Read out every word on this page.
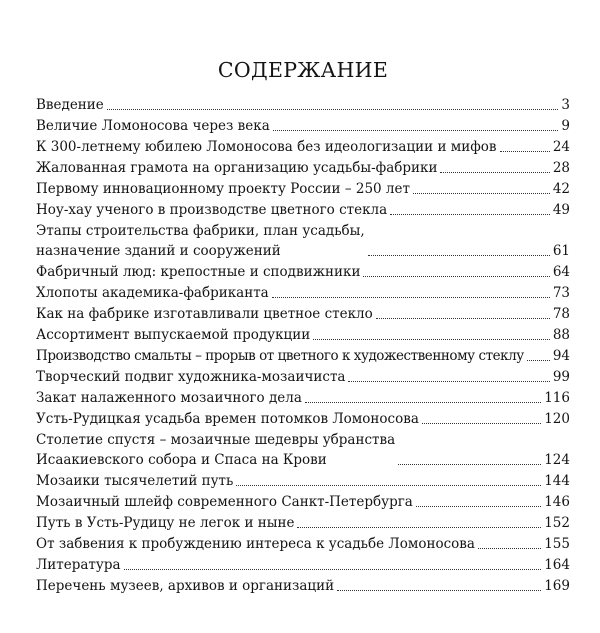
СОДЕРЖАНИЕ
Введение	3
Величие Ломоносова через века	9
К 300-летнему юбилею Ломоносова без идеологизации и мифов	24
Жалованная грамота на организацию усадьбы-фабрики	28
Первому инновационному проекту России – 250 лет	42
Ноу-хау ученого в производстве цветного стекла	49
Этапы строительства фабрики, план усадьбы,
назначение зданий и сооружений	61
Фабричный люд: крепостные и сподвижники	64
Хлопоты академика-фабриканта	73
Как на фабрике изготавливали цветное стекло	78
Ассортимент выпускаемой продукции	88
Производство смальты – прорыв от цветного к художественному стеклу 94
Творческий подвиг художника-мозаичиста	99
Закат налаженного мозаичного дела	116
Усть-Рудицкая усадьба времен потомков Ломоносова	120
Столетие спустя – мозаичные шедевры убранства
Исаакиевского собора и Спаса на Крови	124
Мозаики тысячелетий путь	144
Мозаичный шлейф современного Санкт-Петербурга	146
Путь в Усть-Рудицу не легок и ныне	152
От забвения к пробуждению интереса к усадьбе Ломоносова	155
Литература	164
Перечень музеев, архивов и организаций	169
